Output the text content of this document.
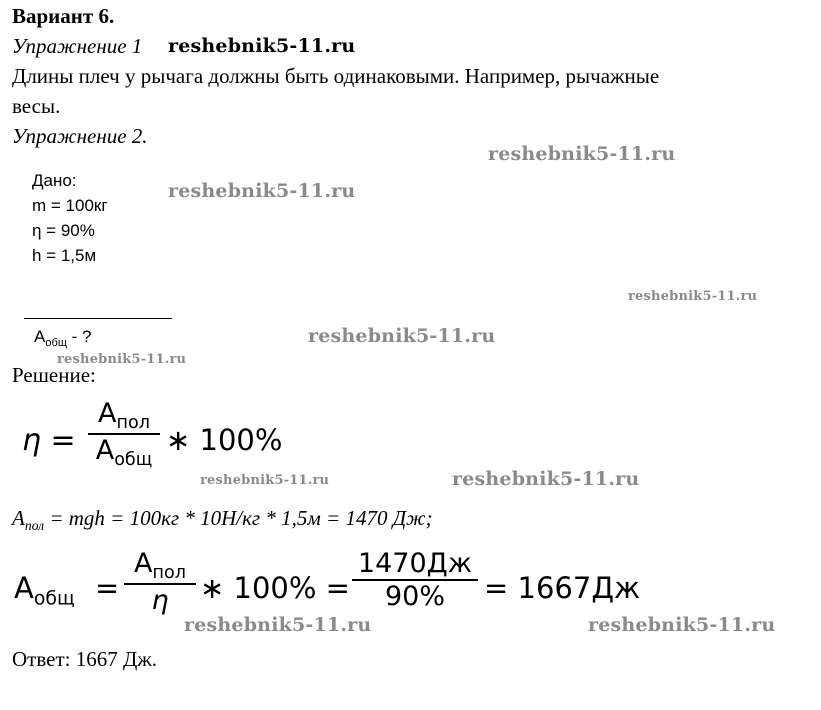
Вариант 6.
Упражнение 1 reshebnik5-11.ru
Длины плеч у рычага должны быть одинаковыми. Например, рычажные
весы.
Упражнение 2.
reshebnik5-11.ru
Дано:
m = 100кг
η = 90%
h = 1,5м
reshebnik5-11.ru
reshebnik5-11.ru
$А_{общ}$ - ?	reshebnik5-11.ru
reshebnik5-11.ru
Решение:
η =
$А_{пол}$
$А_{общ}$
∗ 100%
reshebnik5-11.ru	reshebnik5-11.ru
$А_{пол}$ = mgh = 100кг * 10Н/кг * 1,5м = 1470 Дж;
$А_{общ}$ =
$А_{пол}$
η	∗ 100% =
1470Дж
90%	= 1667Дж
reshebnik5-11.ru	reshebnik5-11.ru
Ответ: 1667 Дж.
